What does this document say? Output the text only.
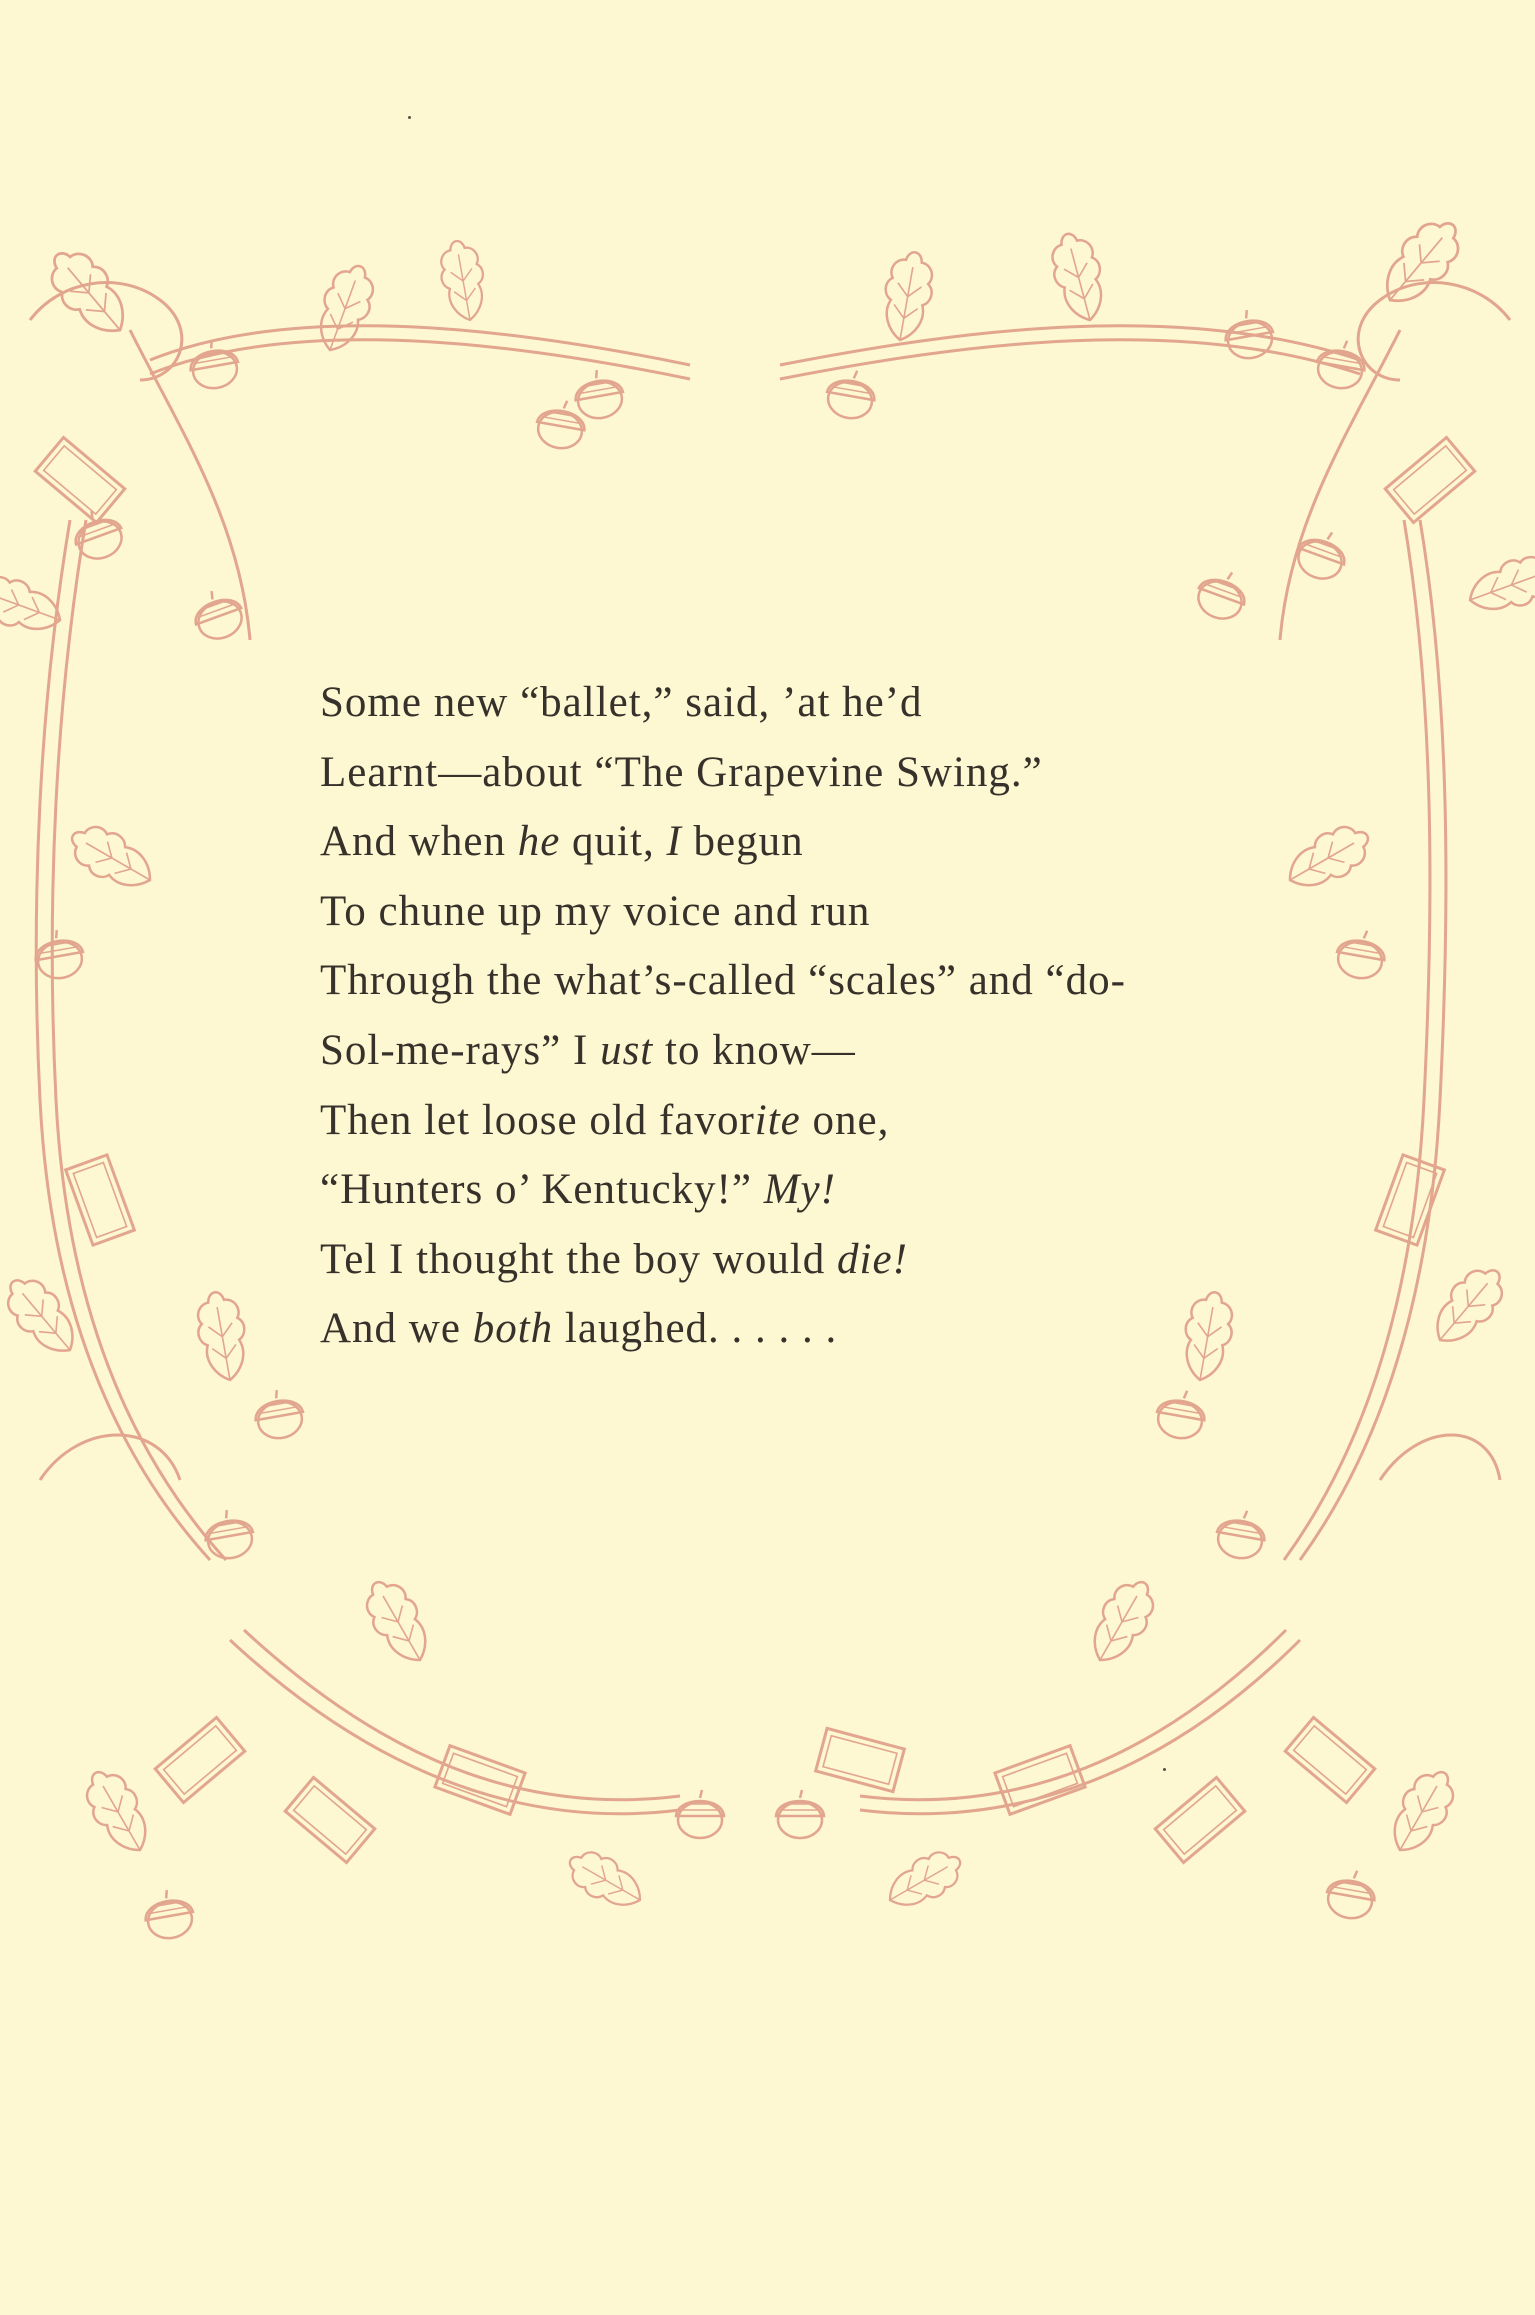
Some new “ballet,” said, ’at he’d
Learnt—about “The Grapevine Swing.”
And when he quit, I begun
To chune up my voice and run
Through the what’s-called “scales” and “do-
Sol-me-rays” I ust to know—
Then let loose old favorite one,
“Hunters o’ Kentucky!” My!
Tel I thought the boy would die!
And we both laughed. . . . . .
